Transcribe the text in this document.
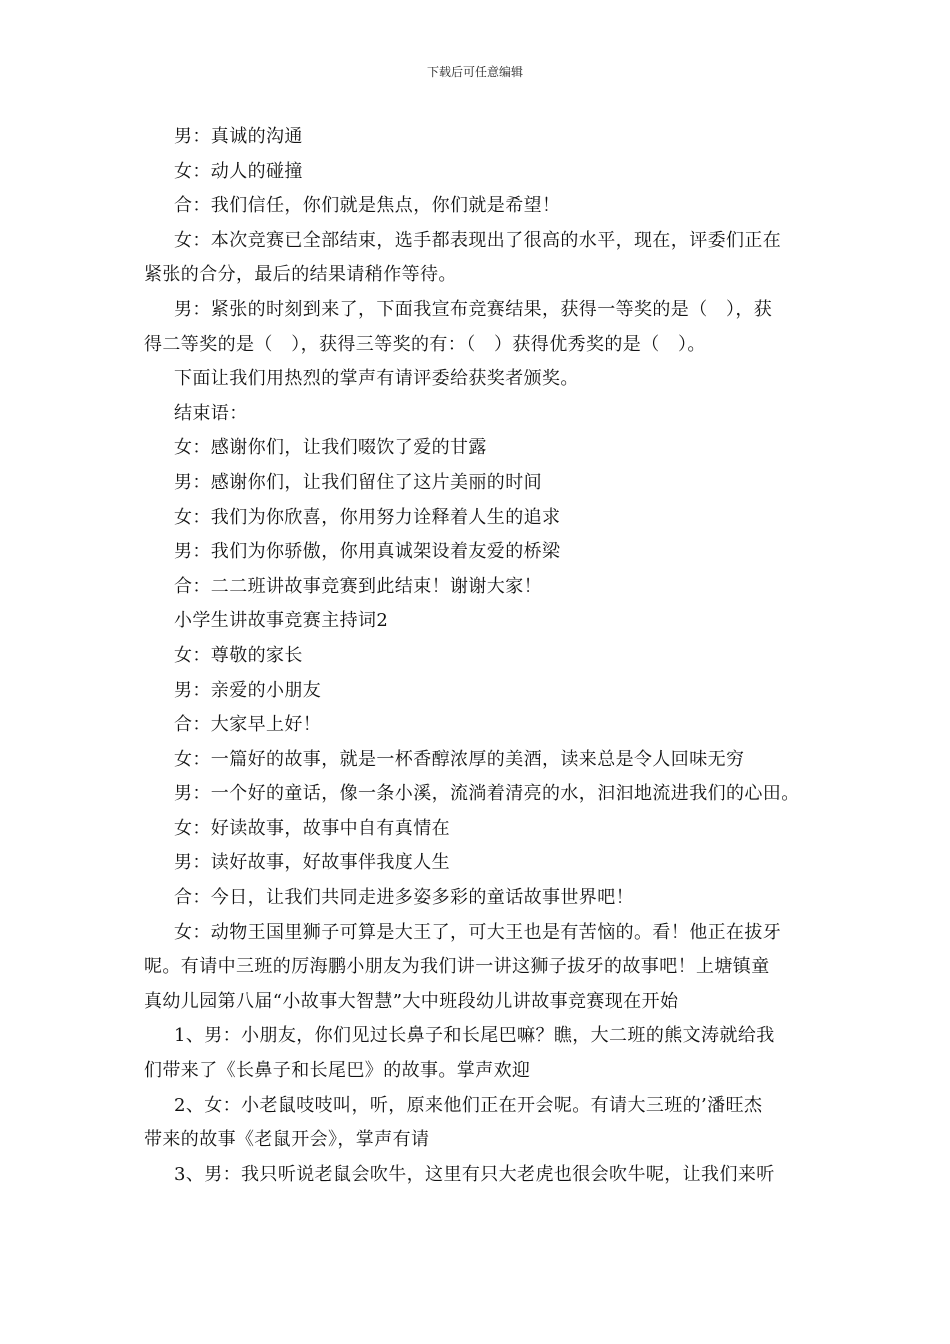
下载后可任意编辑

男：真诚的沟通

女：动人的碰撞

合：我们信任，你们就是焦点，你们就是希望！

女：本次竞赛已全部结束，选手都表现出了很高的水平，现在，评委们正在

紧张的合分，最后的结果请稍作等待。

男：紧张的时刻到来了，下面我宣布竞赛结果，获得一等奖的是（　），获

得二等奖的是（　），获得三等奖的有：（　）获得优秀奖的是（　）。

下面让我们用热烈的掌声有请评委给获奖者颁奖。

结束语：

女：感谢你们，让我们啜饮了爱的甘露

男：感谢你们，让我们留住了这片美丽的时间

女：我们为你欣喜，你用努力诠释着人生的追求

男：我们为你骄傲，你用真诚架设着友爱的桥梁

合：二二班讲故事竞赛到此结束！谢谢大家！

小学生讲故事竞赛主持词2

女：尊敬的家长

男：亲爱的小朋友

合：大家早上好！

女：一篇好的故事，就是一杯香醇浓厚的美酒，读来总是令人回味无穷

男：一个好的童话，像一条小溪，流淌着清亮的水，汩汩地流进我们的心田。

女：好读故事，故事中自有真情在

男：读好故事，好故事伴我度人生

合：今日，让我们共同走进多姿多彩的童话故事世界吧！

女：动物王国里狮子可算是大王了，可大王也是有苦恼的。看！他正在拔牙

呢。有请中三班的厉海鹏小朋友为我们讲一讲这狮子拔牙的故事吧！上塘镇童

真幼儿园第八届“小故事大智慧”大中班段幼儿讲故事竞赛现在开始

1、男：小朋友，你们见过长鼻子和长尾巴嘛？瞧，大二班的熊文涛就给我

们带来了《长鼻子和长尾巴》的故事。掌声欢迎

2、女：小老鼠吱吱叫，听，原来他们正在开会呢。有请大三班的’潘旺杰

带来的故事《老鼠开会》，掌声有请

3、男：我只听说老鼠会吹牛，这里有只大老虎也很会吹牛呢，让我们来听
